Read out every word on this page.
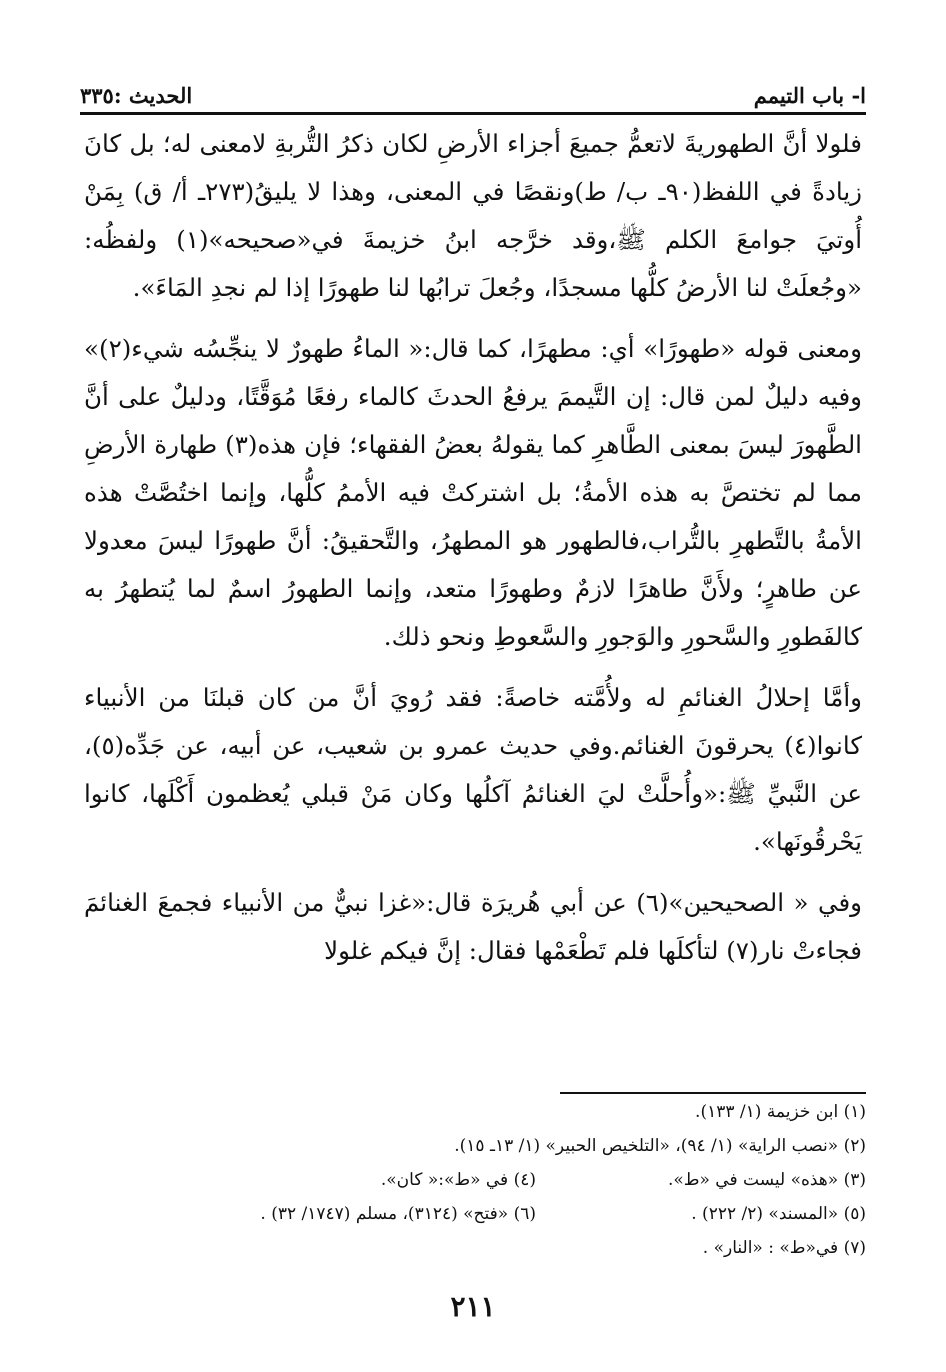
ا- باب التيمم
الحديث :٣٣٥

فلولا أنَّ الطهوريةَ لاتعمُّ جميعَ أجزاء الأرضِ لكان ذكرُ التُّربةِ لامعنى له؛ بل كانَ زيادةً في اللفظ(٩٠ـ ب/ ط)ونقصًا في المعنى، وهذا لا يليقُ(٢٧٣ـ أ/ ق) بِمَنْ أُوتيَ جوامعَ الكلم ﷺ،وقد خرَّجه ابنُ خزيمةَ في«صحيحه»(١) ولفظُه: «وجُعلَتْ لنا الأرضُ كلُّها مسجدًا، وجُعلَ ترابُها لنا طهورًا إذا لم نجدِ المَاءَ».

ومعنى قوله «طهورًا» أي: مطهرًا، كما قال:« الماءُ طهورٌ لا ينجِّسُه شيء(٢)» وفيه دليلٌ لمن قال: إن التَّيممَ يرفعُ الحدثَ كالماء رفعًا مُوَقَّتًا، ودليلٌ على أنَّ الطَّهورَ ليسَ بمعنى الطَّاهرِ كما يقولهُ بعضُ الفقهاء؛ فإن هذه(٣) طهارة الأرضِ مما لم تختصَّ به هذه الأمةُ؛ بل اشتركتْ فيه الأممُ كلُّها، وإنما اختُصَّتْ هذه الأمةُ بالتَّطهرِ بالتُّراب،فالطهور هو المطهرُ، والتَّحقيقُ: أنَّ طهورًا ليسَ معدولا عن طاهرٍ؛ ولأَنَّ طاهرًا لازمٌ وطهورًا متعد، وإنما الطهورُ اسمٌ لما يُتطهرُ به كالفَطورِ والسَّحورِ والوَجورِ والسَّعوطِ ونحو ذلك.

وأمَّا إحلالُ الغنائمِ له ولأُمَّته خاصةً: فقد رُويَ أنَّ من كان قبلنَا من الأنبياء كانوا(٤) يحرقونَ الغنائم.وفي حديث عمرو بن شعيب، عن أبيه، عن جَدِّه(٥)، عن النَّبيِّ ﷺ:«وأُحلَّتْ ليَ الغنائمُ آكلُها وكان مَنْ قبلي يُعظمون أَكْلَها، كانوا يَحْرقُونَها».

وفي « الصحيحين»(٦) عن أبي هُريرَة قال:«غزا نبيٌّ من الأنبياء فجمعَ الغنائمَ فجاءتْ نار(٧) لتأكلَها فلم تَطْعَمْها فقال: إنَّ فيكم غلولا

(١) ابن خزيمة (١/ ١٣٣).
(٢) «نصب الراية» (١/ ٩٤)، «التلخيص الحبير» (١/ ١٣ـ ١٥).
(٣) «هذه» ليست في «ط».
(٤) في «ط»:« كان».
(٥) «المسند» (٢/ ٢٢٢) .
(٦) «فتح» (٣١٢٤)، مسلم (١٧٤٧/ ٣٢) .
(٧) في«ط» : «النار» .
٢١١
